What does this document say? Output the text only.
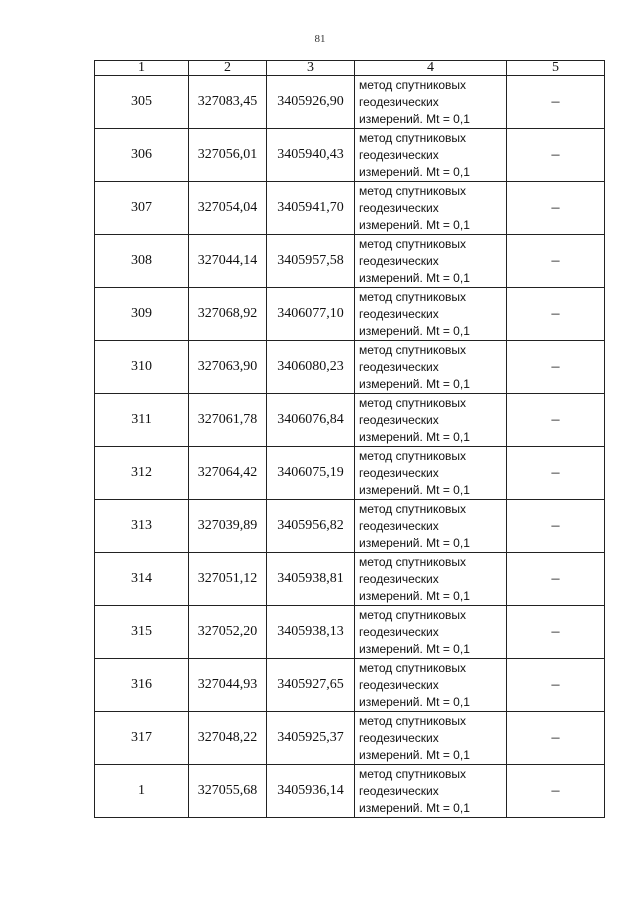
81
1	2	3	4	5
305	327083,45	3405926,90	метод спутниковых
геодезических
измерений. Mt = 0,1	–
306	327056,01	3405940,43	метод спутниковых
геодезических
измерений. Mt = 0,1	–
307	327054,04	3405941,70	метод спутниковых
геодезических
измерений. Mt = 0,1	–
308	327044,14	3405957,58	метод спутниковых
геодезических
измерений. Mt = 0,1	–
309	327068,92	3406077,10	метод спутниковых
геодезических
измерений. Mt = 0,1	–
310	327063,90	3406080,23	метод спутниковых
геодезических
измерений. Mt = 0,1	–
311	327061,78	3406076,84	метод спутниковых
геодезических
измерений. Mt = 0,1	–
312	327064,42	3406075,19	метод спутниковых
геодезических
измерений. Mt = 0,1	–
313	327039,89	3405956,82	метод спутниковых
геодезических
измерений. Mt = 0,1	–
314	327051,12	3405938,81	метод спутниковых
геодезических
измерений. Mt = 0,1	–
315	327052,20	3405938,13	метод спутниковых
геодезических
измерений. Mt = 0,1	–
316	327044,93	3405927,65	метод спутниковых
геодезических
измерений. Mt = 0,1	–
317	327048,22	3405925,37	метод спутниковых
геодезических
измерений. Mt = 0,1	–
1	327055,68	3405936,14	метод спутниковых
геодезических
измерений. Mt = 0,1	–
